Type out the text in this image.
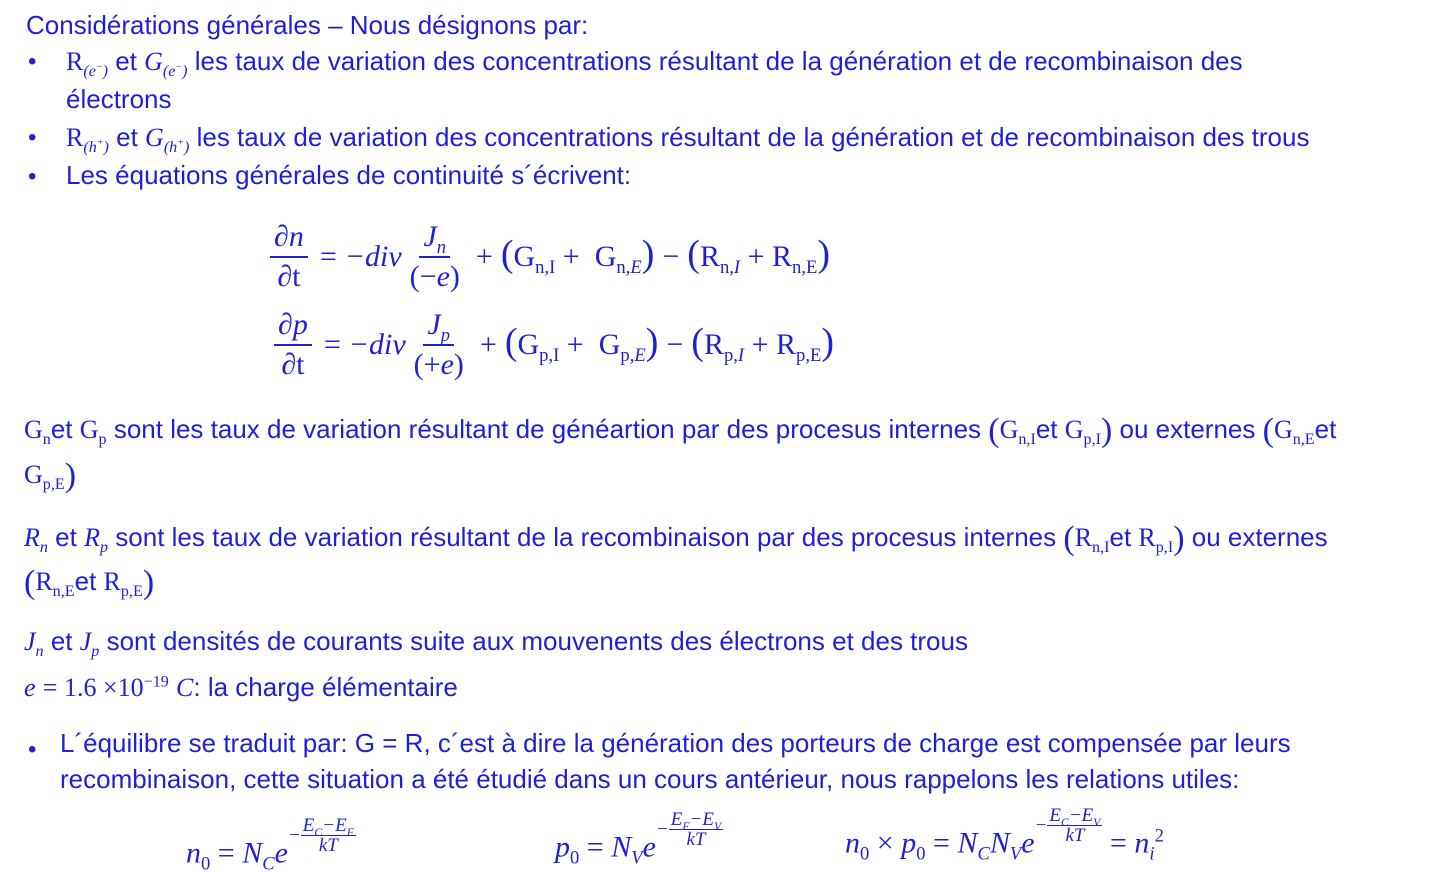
Considérations générales – Nous désignons par:
• $R_{(e^-)}$ et $G_{(e^-)}$ les taux de variation des concentrations résultant de la génération et de recombinaison des
électrons
• $R_{(h^+)}$ et $G_{(h^+)}$ les taux de variation des concentrations résultant de la génération et de recombinaison des trous
• Les équations générales de continuité s´écrivent:
$\frac{\partial n}{\partial t} = -div \frac{J_n}{(-e)} + (G_{n,I} + G_{n,E}) - (R_{n,I} + R_{n,E})$
$\frac{\partial p}{\partial t} = -div \frac{J_p}{(+e)} + (G_{p,I} + G_{p,E}) - (R_{p,I} + R_{p,E})$
$G_net$ $G_p$ sont les taux de variation résultant de généartion par des procesus internes ($G_{n,I}et$ $G_{p,I}$) ou externes ($G_{n,E}et$
$G_{p,E}$)
$R_n$ et $R_p$ sont les taux de variation résultant de la recombinaison par des procesus internes ($R_{n,I}et$ $R_{p,I}$) ou externes
($R_{n,E}et$ $R_{p,E}$)
$J_n$ et $J_p$ sont densités de courants suite aux mouvenents des électrons et des trous
$e = 1.6 \times 10^{-19}$ C: la charge élémentaire
• L´équilibre se traduit par: G = R, c´est à dire la génération des porteurs de charge est compensée par leurs
recombinaison, cette situation a été étudié dans un cours antérieur, nous rappelons les relations utiles:
$n_0 = N_Ce$
− $\frac{E_C-E_F}{kT}$	$p_0 = N_Ve$
− $\frac{E_F-E_V}{kT}$	$n_0 \times p_0 = N_CN_Ve$
− $\frac{E_C-E_V}{kT} = n_i^2$
